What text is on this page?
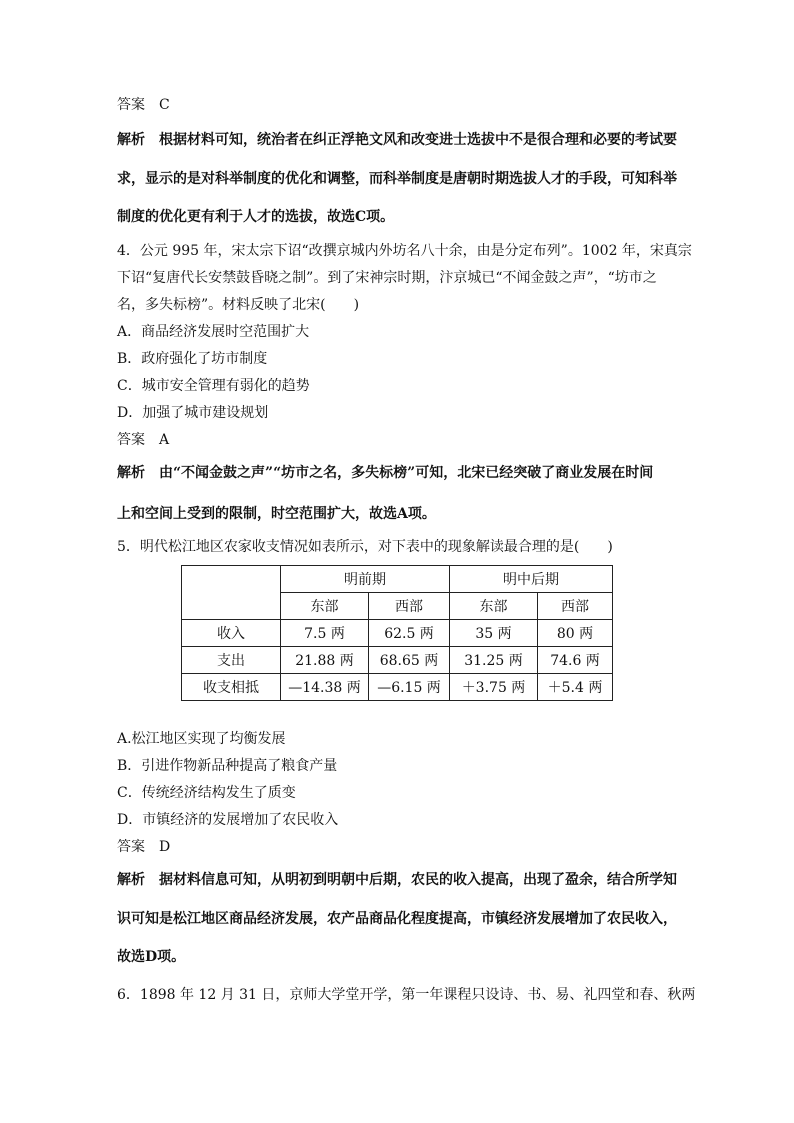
答案 C
解析 根据材料可知，统治者在纠正浮艳文风和改变进士选拔中不是很合理和必要的考试要
求，显示的是对科举制度的优化和调整，而科举制度是唐朝时期选拔人才的手段，可知科举
制度的优化更有利于人才的选拔，故选C项。
4．公元 995 年，宋太宗下诏“改撰京城内外坊名八十余，由是分定布列”。1002 年，宋真宗
下诏“复唐代长安禁鼓昏晓之制”。到了宋神宗时期，汴京城已“不闻金鼓之声”，“坊市之
名，多失标榜”。材料反映了北宋(　　)
A．商品经济发展时空范围扩大
B．政府强化了坊市制度
C．城市安全管理有弱化的趋势
D．加强了城市建设规划
答案 A
解析 由“不闻金鼓之声”“坊市之名，多失标榜”可知，北宋已经突破了商业发展在时间
上和空间上受到的限制，时空范围扩大，故选A项。
5．明代松江地区农家收支情况如表所示，对下表中的现象解读最合理的是(　　)
	明前期		明中后期	
	东部	西部	东部	西部
收入	7.5 两	62.5 两	35 两	80 两
支出	21.88 两	68.65 两	31.25 两	74.6 两
收支相抵	—14.38 两	—6.15 两	＋3.75 两	＋5.4 两
A.松江地区实现了均衡发展
B．引进作物新品种提高了粮食产量
C．传统经济结构发生了质变
D．市镇经济的发展增加了农民收入
答案 D
解析 据材料信息可知，从明初到明朝中后期，农民的收入提高，出现了盈余，结合所学知
识可知是松江地区商品经济发展，农产品商品化程度提高，市镇经济发展增加了农民收入，
故选D项。
6．1898 年 12 月 31 日，京师大学堂开学，第一年课程只设诗、书、易、礼四堂和春、秋两
